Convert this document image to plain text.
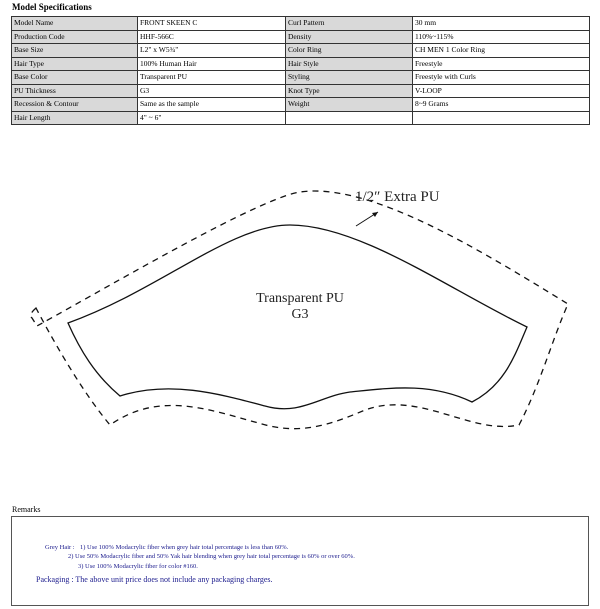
Model Specifications
Model Name	FRONT SKEEN C	Curl Pattern	30 mm
Production Code	HHF-566C	Density	110%~115%
Base Size	L2" x W5¾"	Color Ring	CH MEN 1 Color Ring
Hair Type	100% Human Hair	Hair Style	Freestyle
Base Color	Transparent PU	Styling	Freestyle with Curls
PU Thickness	G3	Knot Type	V-LOOP
Recession & Contour	Same as the sample	Weight	8~9 Grams
Hair Length	4" ~ 6"		
1/2″ Extra PU
Transparent PU
G3
Remarks
Grey Hair : 1) Use 100% Modacrylic fiber when grey hair total percentage is less than 60%.
2) Use 50% Modacrylic fiber and 50% Yak hair blending when grey hair total percentage is 60% or over 60%.
3) Use 100% Modacrylic fiber for color #160.
Packaging : The above unit price does not include any packaging charges.
